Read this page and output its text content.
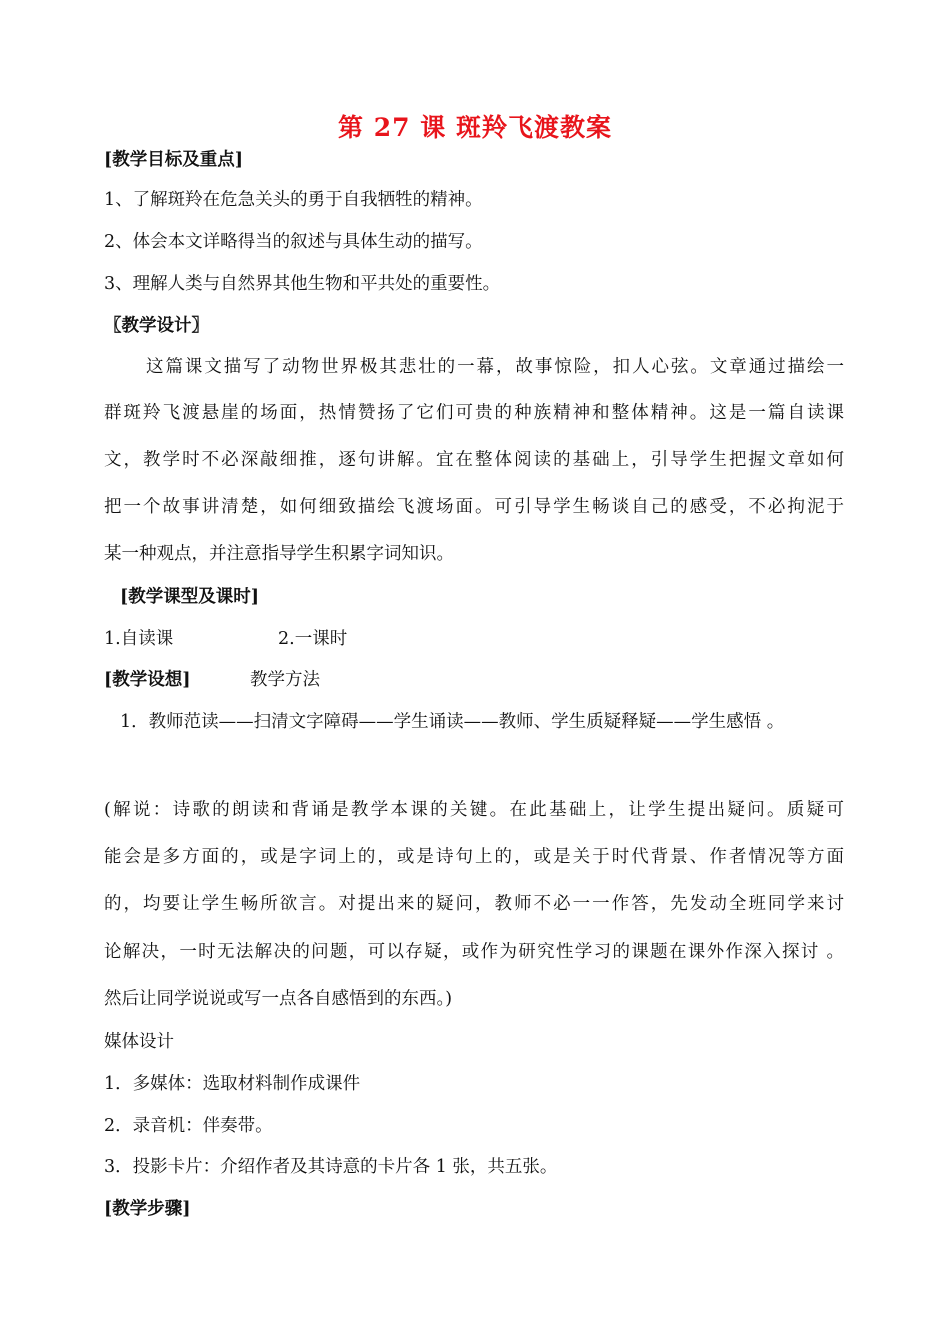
第 27 课 斑羚飞渡教案
[教学目标及重点]
1、了解斑羚在危急关头的勇于自我牺牲的精神。
2、体会本文详略得当的叙述与具体生动的描写。
3、理解人类与自然界其他生物和平共处的重要性。
〖教学设计〗
这篇课文描写了动物世界极其悲壮的一幕，故事惊险，扣人心弦。文章通过描绘一
群斑羚飞渡悬崖的场面，热情赞扬了它们可贵的种族精神和整体精神。这是一篇自读课
文，教学时不必深敲细推，逐句讲解。宜在整体阅读的基础上，引导学生把握文章如何
把一个故事讲清楚，如何细致描绘飞渡场面。可引导学生畅谈自己的感受，不必拘泥于
某一种观点，并注意指导学生积累字词知识。
[教学课型及课时]
1.自读课	2.一课时
[教学设想]	教学方法
1．教师范读——扫清文字障碍——学生诵读——教师、学生质疑释疑——学生感悟 。
(解说：诗歌的朗读和背诵是教学本课的关键。在此基础上，让学生提出疑问。质疑可
能会是多方面的，或是字词上的，或是诗句上的，或是关于时代背景、作者情况等方面
的，均要让学生畅所欲言。对提出来的疑问，教师不必一一作答，先发动全班同学来讨
论解决，一时无法解决的问题，可以存疑，或作为研究性学习的课题在课外作深入探讨 。
然后让同学说说或写一点各自感悟到的东西。)
媒体设计
1．多媒体：选取材料制作成课件
2．录音机：伴奏带。
3．投影卡片：介绍作者及其诗意的卡片各 1 张，共五张。
[教学步骤]
